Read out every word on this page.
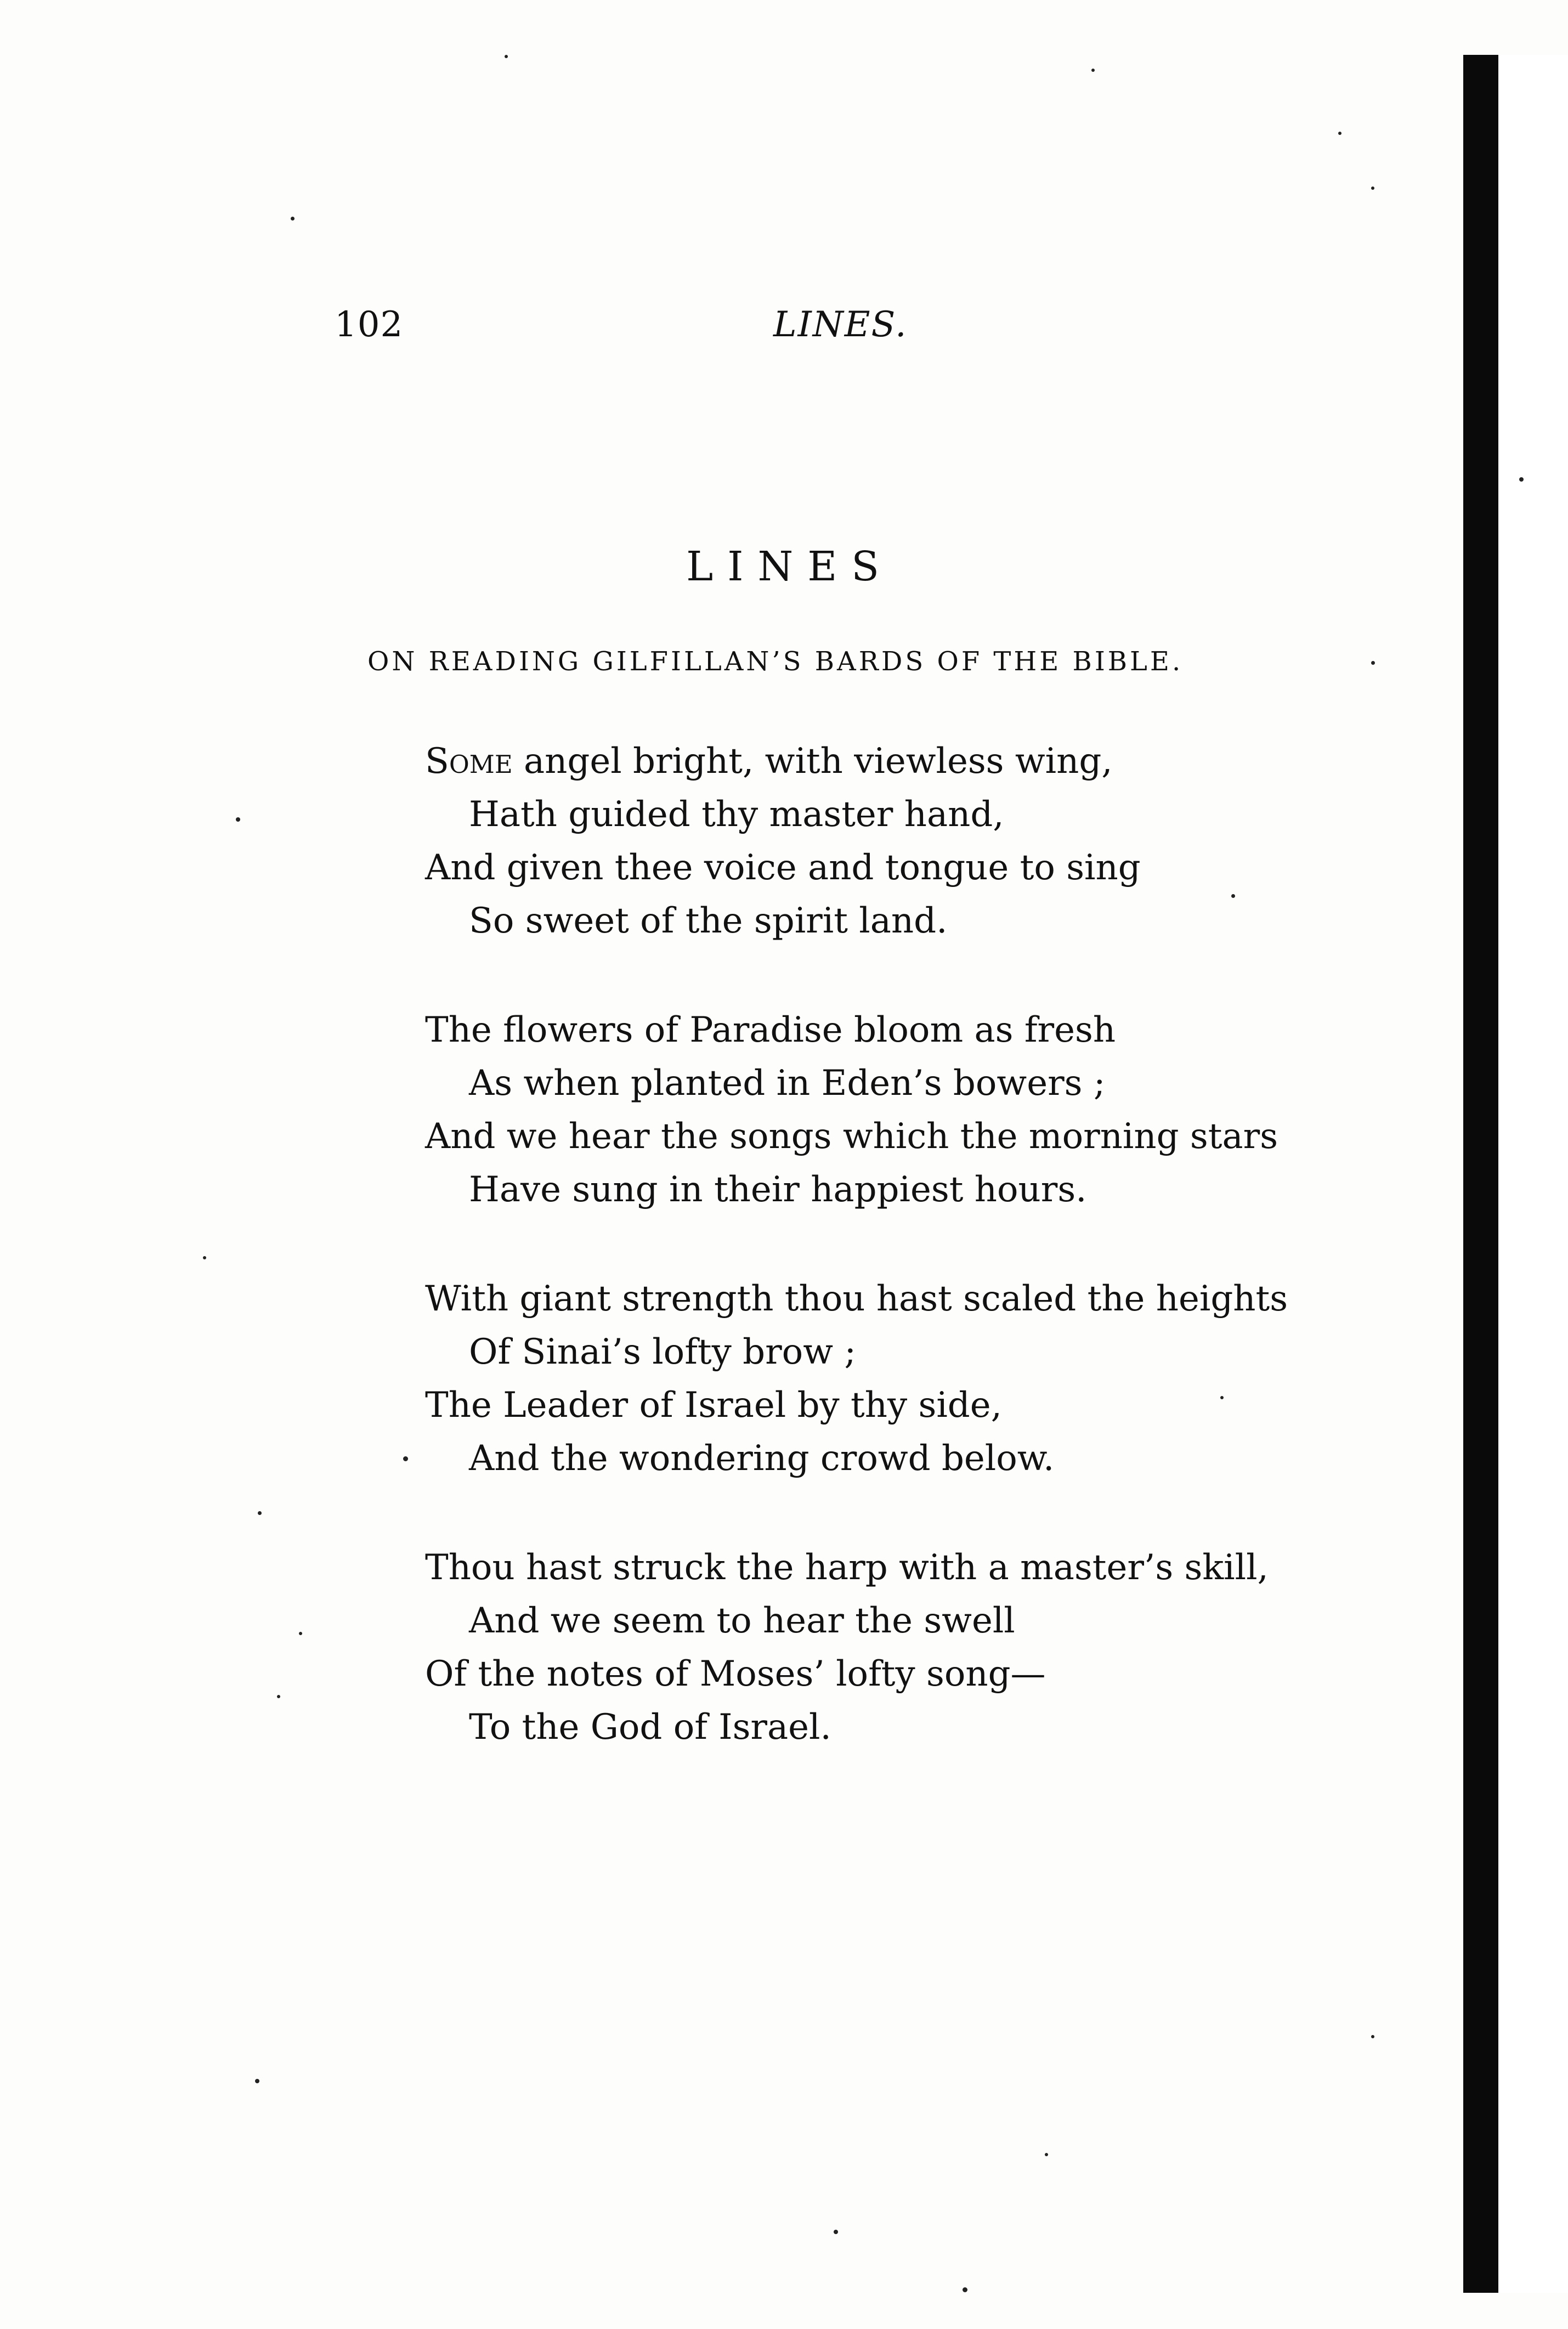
102	LINES.
LINES
ON READING GILFILLAN’S BARDS OF THE BIBLE.
Some angel bright, with viewless wing,
Hath guided thy master hand,
And given thee voice and tongue to sing
So sweet of the spirit land.
The flowers of Paradise bloom as fresh
As when planted in Eden’s bowers ;
And we hear the songs which the morning stars
Have sung in their happiest hours.
With giant strength thou hast scaled the heights
Of Sinai’s lofty brow ;
The Leader of Israel by thy side,
And the wondering crowd below.
Thou hast struck the harp with a master’s skill,
And we seem to hear the swell
Of the notes of Moses’ lofty song—
To the God of Israel.
